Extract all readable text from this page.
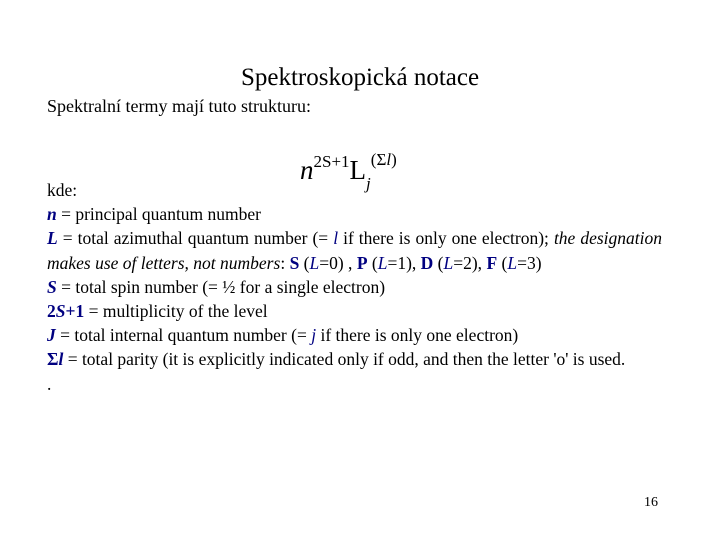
Spektroskopická notace
Spektralní termy mají tuto strukturu:
$n^{2S+1}L_j^{(\Sigma l)}$

kde:

n = principal quantum number

L = total azimuthal quantum number (= l if there is only one electron); the designation makes use of letters, not numbers: S (L=0) , P (L=1), D (L=2), F (L=3)

S = total spin number (= ½ for a single electron)

2S+1 = multiplicity of the level

J = total internal quantum number (= j if there is only one electron)

Σl = total parity (it is explicitly indicated only if odd, and then the letter 'o' is used.

.

16
